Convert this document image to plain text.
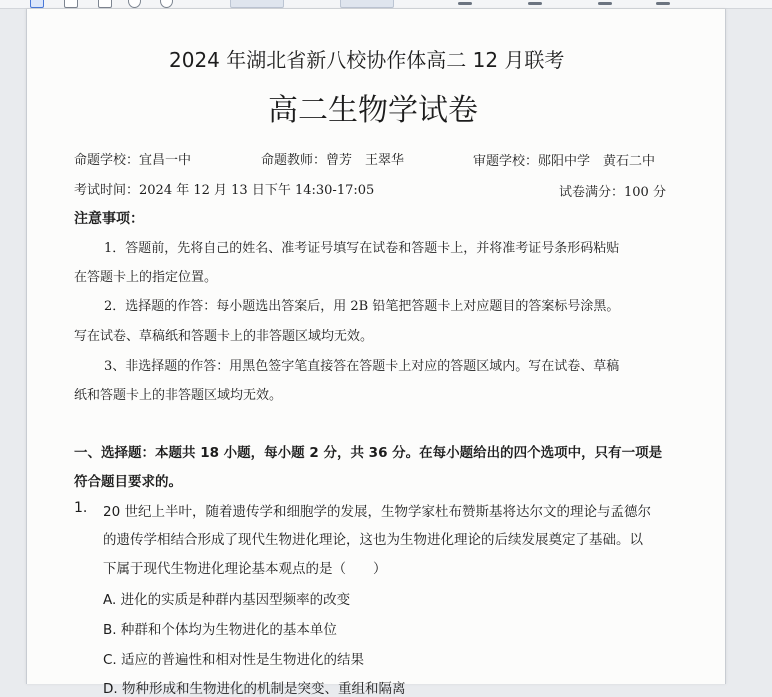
2024 年湖北省新八校协作体高二 12 月联考
高二生物学试卷
命题学校：宜昌一中	命题教师：曾芳　王翠华	审题学校：郧阳中学　黄石二中
考试时间：2024 年 12 月 13 日下午 14:30-17:05	试卷满分：100 分
注意事项：
1．答题前，先将自己的姓名、准考证号填写在试卷和答题卡上，并将准考证号条形码粘贴
在答题卡上的指定位置。
2．选择题的作答：每小题选出答案后，用 2B 铅笔把答题卡上对应题目的答案标号涂黑。
写在试卷、草稿纸和答题卡上的非答题区域均无效。
3、非选择题的作答：用黑色签字笔直接答在答题卡上对应的答题区域内。写在试卷、草稿
纸和答题卡上的非答题区域均无效。
一、选择题：本题共 18 小题，每小题 2 分，共 36 分。在每小题给出的四个选项中，只有一项是
符合题目要求的。
1. 20 世纪上半叶，随着遗传学和细胞学的发展，生物学家杜布赞斯基将达尔文的理论与孟德尔
的遗传学相结合形成了现代生物进化理论，这也为生物进化理论的后续发展奠定了基础。以
下属于现代生物进化理论基本观点的是（　　）
A. 进化的实质是种群内基因型频率的改变
B. 种群和个体均为生物进化的基本单位
C. 适应的普遍性和相对性是生物进化的结果
D. 物种形成和生物进化的机制是突变、重组和隔离
